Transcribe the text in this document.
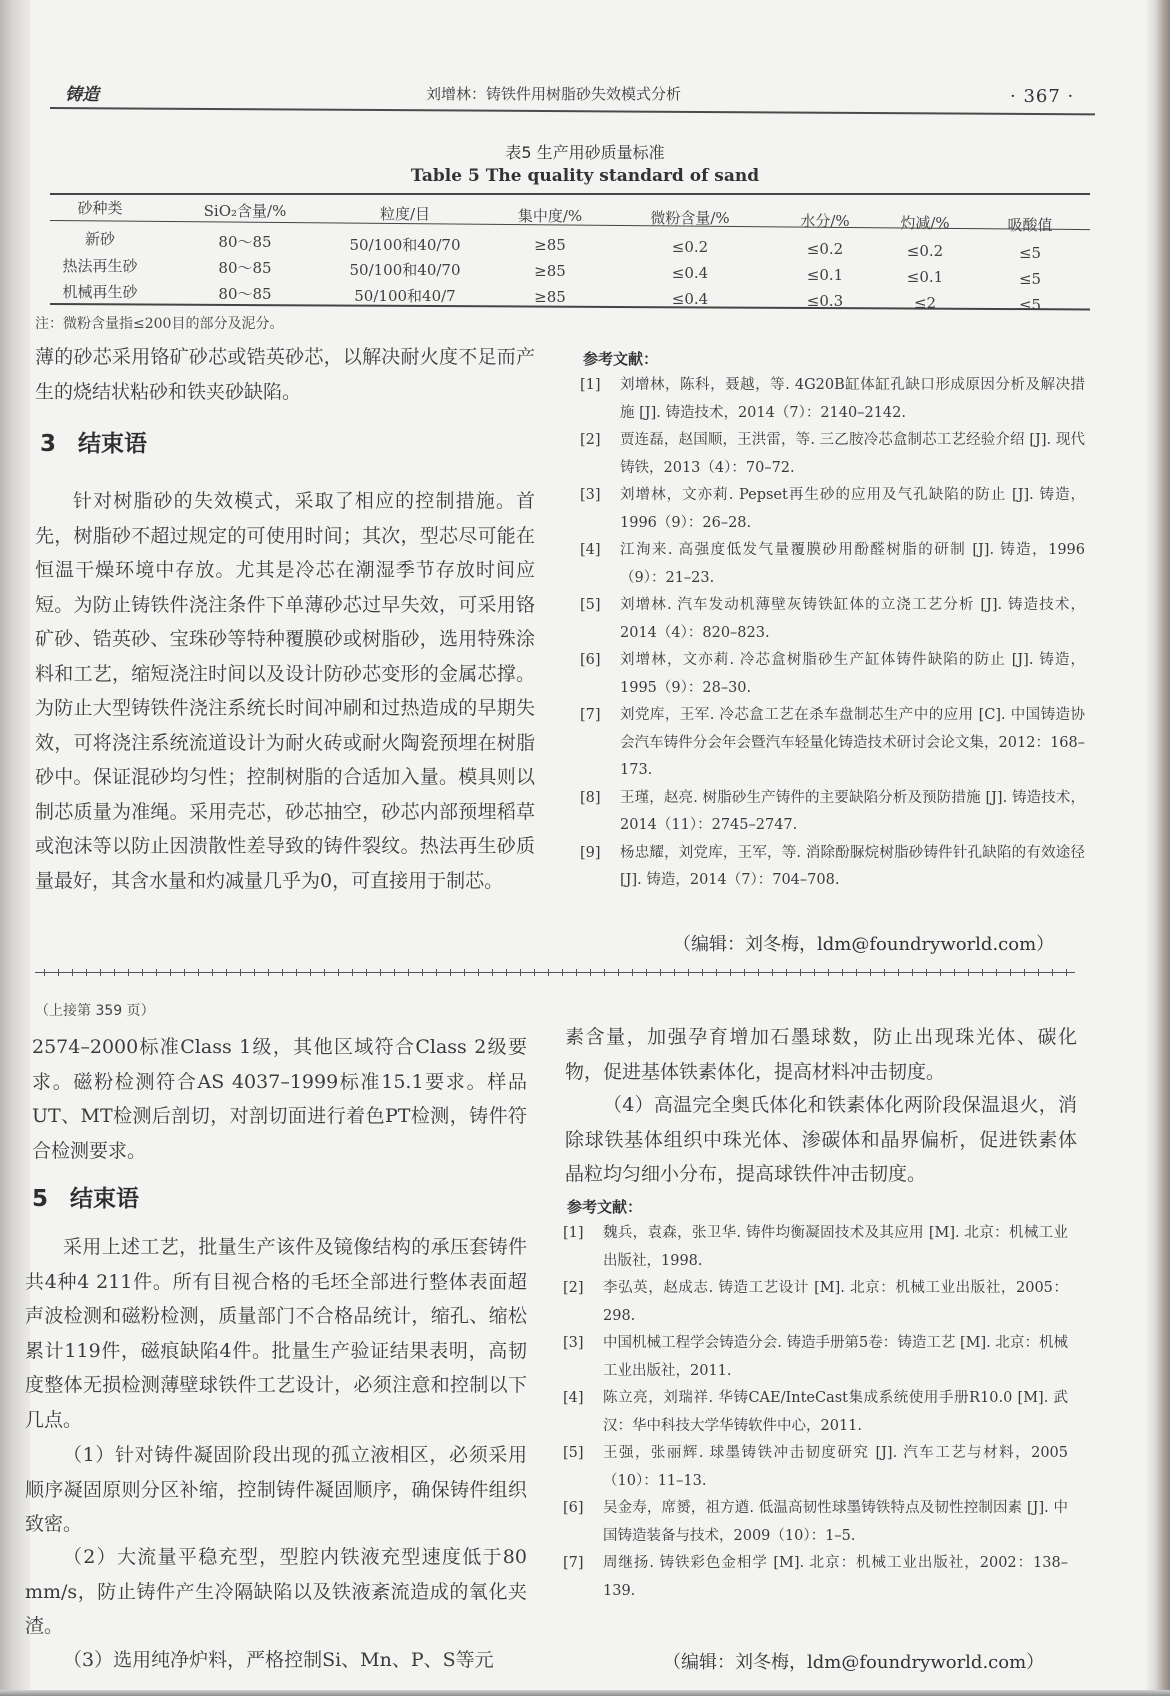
铸造	刘增林：铸铁件用树脂砂失效模式分析	· 367 ·
表5 生产用砂质量标准
Table 5 The quality standard of sand
砂种类	SiO₂含量/%	粒度/目	集中度/%	微粉含量/%	水分/%	灼减/%	吸酸值
新砂	80～85	50/100和40/70	≥85	≤0.2	≤0.2	≤0.2	≤5
热法再生砂	80～85	50/100和40/70	≥85	≤0.4	≤0.1	≤0.1	≤5
机械再生砂	80～85	50/100和40/7	≥85	≤0.4	≤0.3	≤2	≤5
注：微粉含量指≤200目的部分及泥分。
薄的砂芯采用铬矿砂芯或锆英砂芯，以解决耐火度不足而产生的烧结状粘砂和铁夹砂缺陷。
3 结束语
针对树脂砂的失效模式，采取了相应的控制措施。首先，树脂砂不超过规定的可使用时间；其次，型芯尽可能在恒温干燥环境中存放。尤其是冷芯在潮湿季节存放时间应短。为防止铸铁件浇注条件下单薄砂芯过早失效，可采用铬矿砂、锆英砂、宝珠砂等特种覆膜砂或树脂砂，选用特殊涂料和工艺，缩短浇注时间以及设计防砂芯变形的金属芯撑。为防止大型铸铁件浇注系统长时间冲刷和过热造成的早期失效，可将浇注系统流道设计为耐火砖或耐火陶瓷预埋在树脂砂中。保证混砂均匀性；控制树脂的合适加入量。模具则以制芯质量为准绳。采用壳芯，砂芯抽空，砂芯内部预埋稻草或泡沫等以防止因溃散性差导致的铸件裂纹。热法再生砂质量最好，其含水量和灼减量几乎为0，可直接用于制芯。
参考文献：
[1] 刘增林，陈科，聂越，等. 4G20B缸体缸孔缺口形成原因分析及解决措施 [J]. 铸造技术，2014（7）：2140–2142.
[2] 贾连磊，赵国顺，王洪雷，等. 三乙胺冷芯盒制芯工艺经验介绍 [J]. 现代铸铁，2013（4）：70–72.
[3] 刘增林，文亦莉. Pepset再生砂的应用及气孔缺陷的防止 [J]. 铸造，1996（9）：26–28.
[4] 江洵来. 高强度低发气量覆膜砂用酚醛树脂的研制 [J]. 铸造，1996（9）：21–23.
[5] 刘增林. 汽车发动机薄壁灰铸铁缸体的立浇工艺分析 [J]. 铸造技术，2014（4）：820–823.
[6] 刘增林，文亦莉. 冷芯盒树脂砂生产缸体铸件缺陷的防止 [J]. 铸造，1995（9）：28–30.
[7] 刘党库，王军. 冷芯盒工艺在杀车盘制芯生产中的应用 [C]. 中国铸造协会汽车铸件分会年会暨汽车轻量化铸造技术研讨会论文集，2012：168–173.
[8] 王瑾，赵亮. 树脂砂生产铸件的主要缺陷分析及预防措施 [J]. 铸造技术，2014（11）：2745–2747.
[9] 杨忠耀，刘党库，王军，等. 消除酚脲烷树脂砂铸件针孔缺陷的有效途径 [J]. 铸造，2014（7）：704–708.
（编辑：刘冬梅，ldm@foundryworld.com）
（上接第 359 页）
2574–2000标准Class 1级，其他区域符合Class 2级要求。磁粉检测符合AS 4037–1999标准15.1要求。样品UT、MT检测后剖切，对剖切面进行着色PT检测，铸件符合检测要求。
5 结束语
采用上述工艺，批量生产该件及镜像结构的承压套铸件共4种4 211件。所有目视合格的毛坯全部进行整体表面超声波检测和磁粉检测，质量部门不合格品统计，缩孔、缩松累计119件，磁痕缺陷4件。批量生产验证结果表明，高韧度整体无损检测薄壁球铁件工艺设计，必须注意和控制以下几点。
（1）针对铸件凝固阶段出现的孤立液相区，必须采用顺序凝固原则分区补缩，控制铸件凝固顺序，确保铸件组织致密。
（2）大流量平稳充型，型腔内铁液充型速度低于80 mm/s，防止铸件产生冷隔缺陷以及铁液紊流造成的氧化夹渣。
（3）选用纯净炉料，严格控制Si、Mn、P、S等元
素含量，加强孕育增加石墨球数，防止出现珠光体、碳化物，促进基体铁素体化，提高材料冲击韧度。
（4）高温完全奥氏体化和铁素体化两阶段保温退火，消除球铁基体组织中珠光体、渗碳体和晶界偏析，促进铁素体晶粒均匀细小分布，提高球铁件冲击韧度。
参考文献：
[1] 魏兵，袁森，张卫华. 铸件均衡凝固技术及其应用 [M]. 北京：机械工业出版社，1998.
[2] 李弘英，赵成志. 铸造工艺设计 [M]. 北京：机械工业出版社，2005：298.
[3] 中国机械工程学会铸造分会. 铸造手册第5卷：铸造工艺 [M]. 北京：机械工业出版社，2011.
[4] 陈立亮，刘瑞祥. 华铸CAE/InteCast集成系统使用手册R10.0 [M]. 武汉：华中科技大学华铸软件中心，2011.
[5] 王强，张丽辉. 球墨铸铁冲击韧度研究 [J]. 汽车工艺与材料，2005（10）：11–13.
[6] 吴金寿，席赟，祖方遒. 低温高韧性球墨铸铁特点及韧性控制因素 [J]. 中国铸造装备与技术，2009（10）：1–5.
[7] 周继扬. 铸铁彩色金相学 [M]. 北京：机械工业出版社，2002：138–139.
（编辑：刘冬梅，ldm@foundryworld.com）
